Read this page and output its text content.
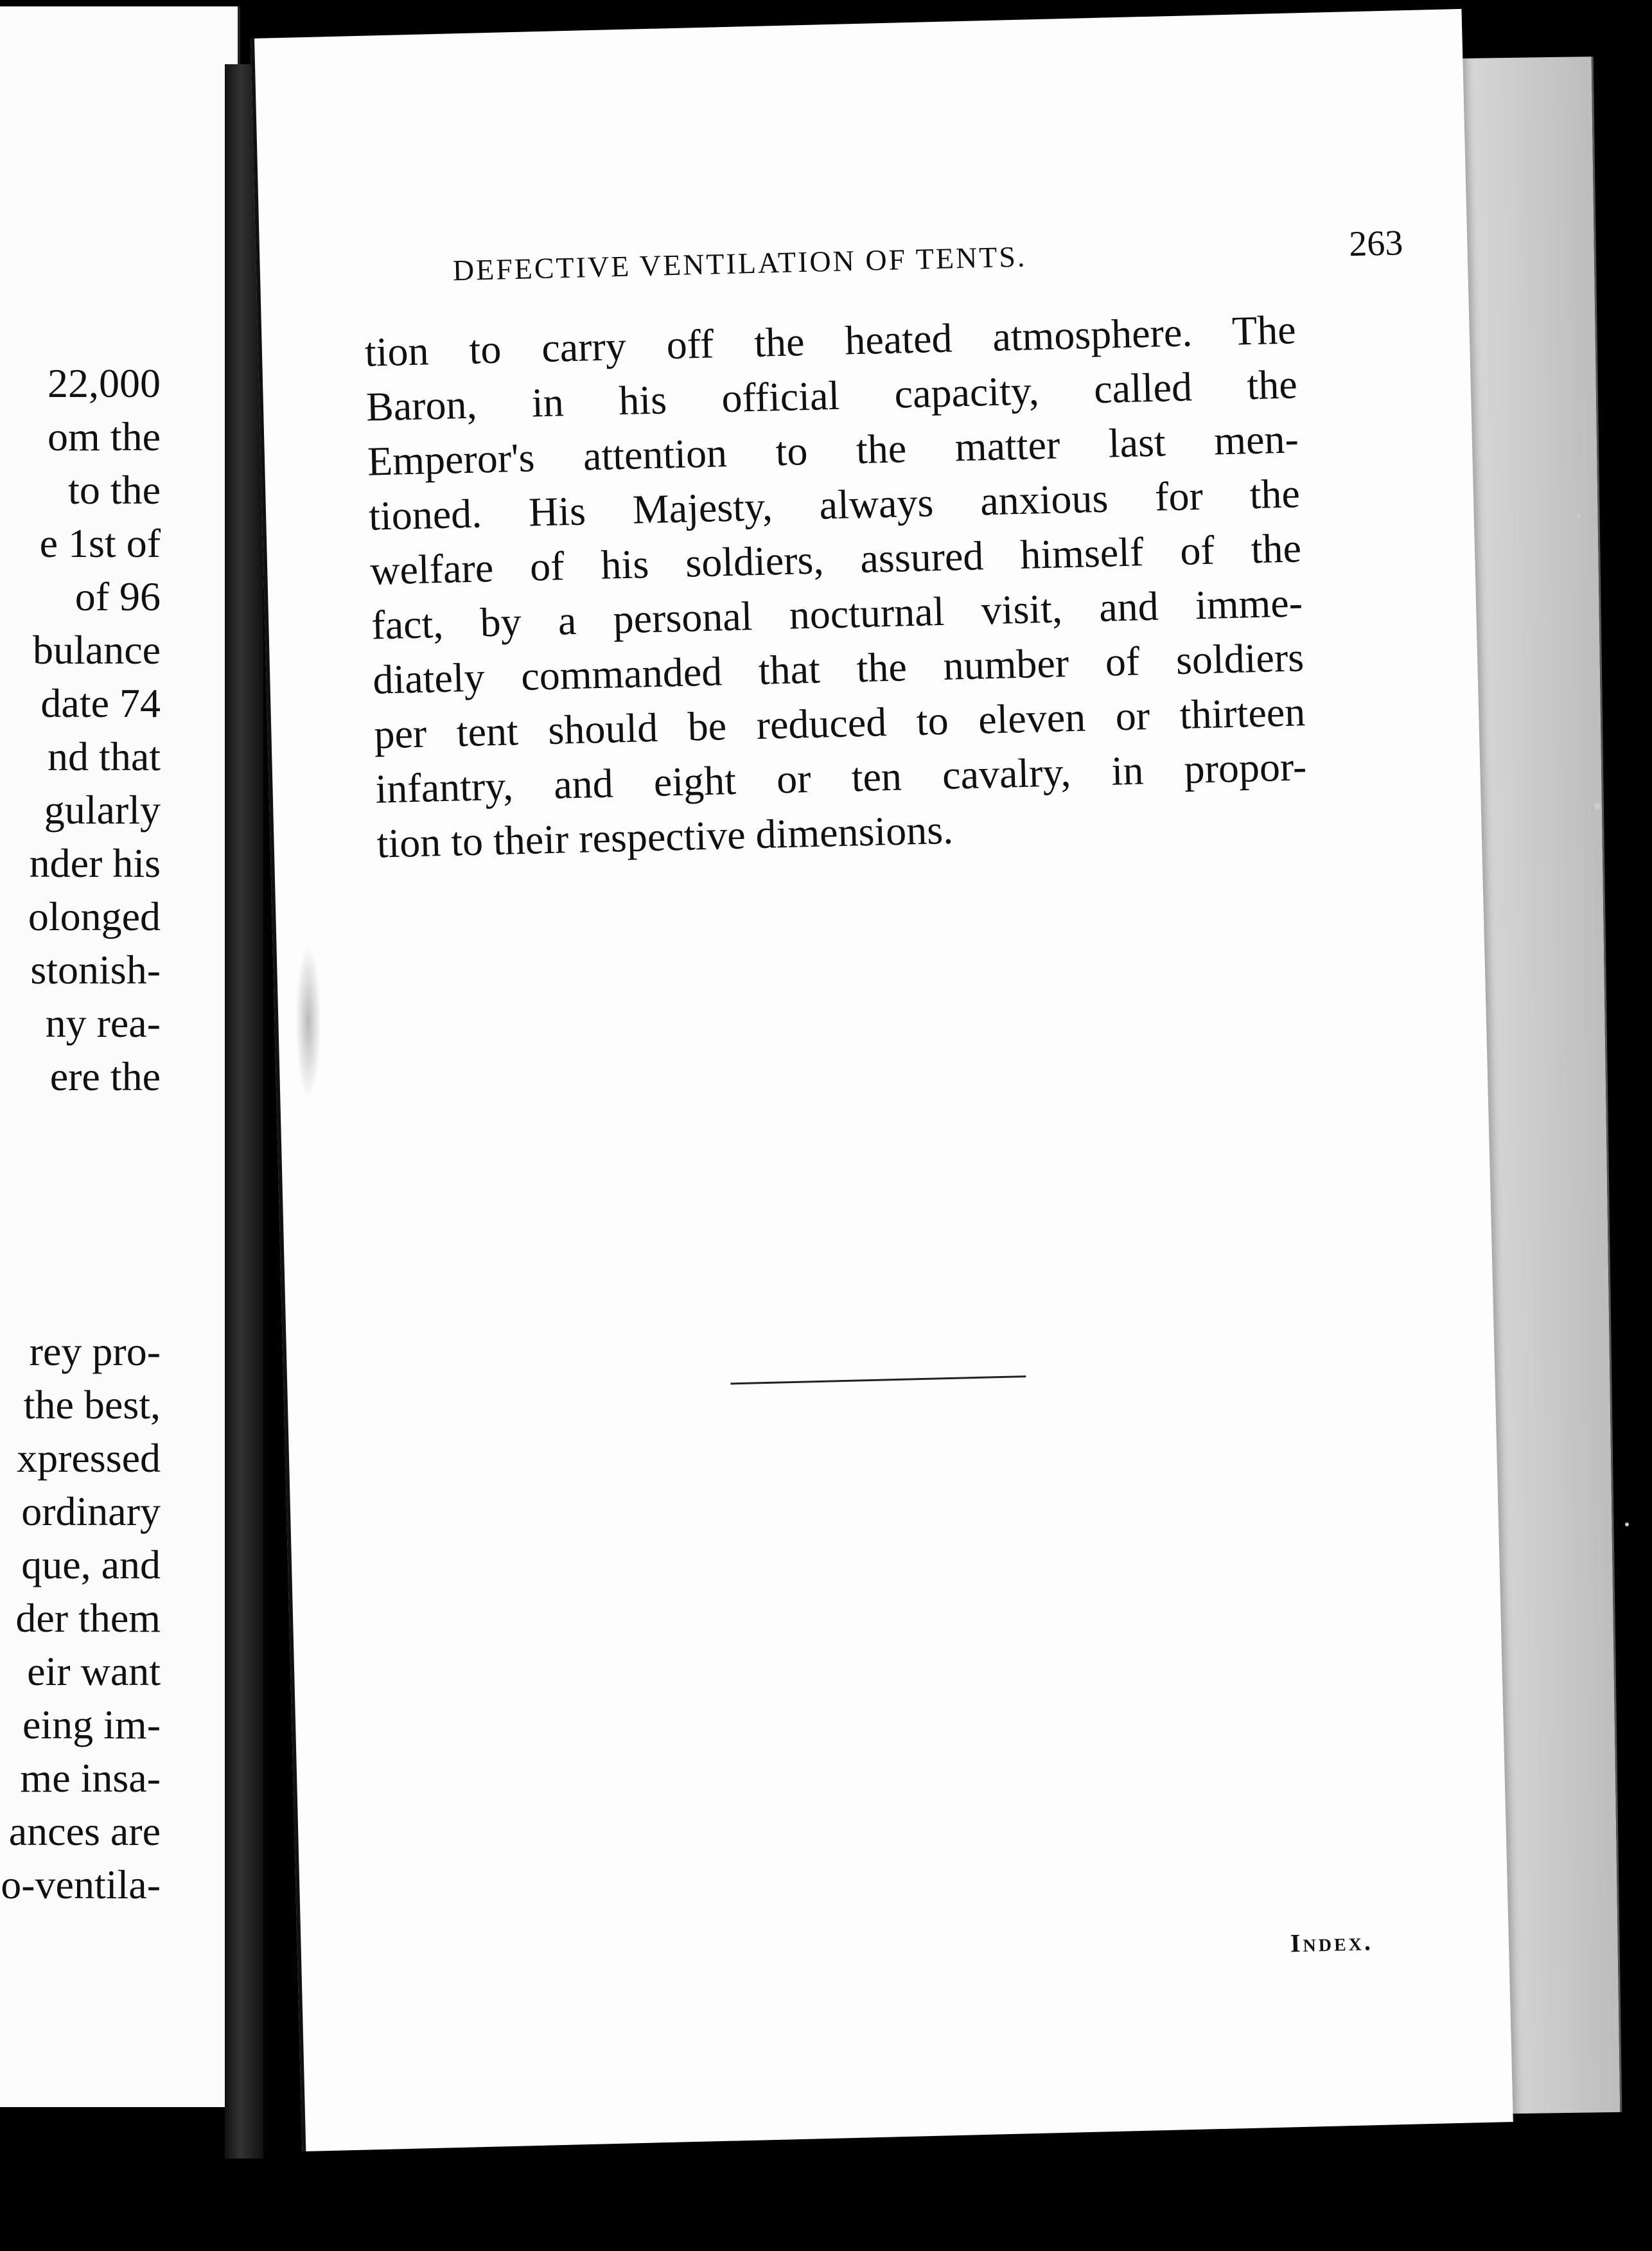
22,000
om the
to the
e 1st of
of 96
bulance
date 74
nd that
gularly
nder his
olonged
stonish-
ny rea-
ere the
rey pro-
the best,
xpressed
ordinary
que, and
der them
eir want
eing im-
me insa-
ances are
o-ventila-
DEFECTIVE VENTILATION OF TENTS.	263
tion to carry off the heated atmosphere. The
Baron, in his official capacity, called the
Emperor's attention to the matter last men-
tioned. His Majesty, always anxious for the
welfare of his soldiers, assured himself of the
fact, by a personal nocturnal visit, and imme-
diately commanded that the number of soldiers
per tent should be reduced to eleven or thirteen
infantry, and eight or ten cavalry, in propor-
tion to their respective dimensions.
Index.
